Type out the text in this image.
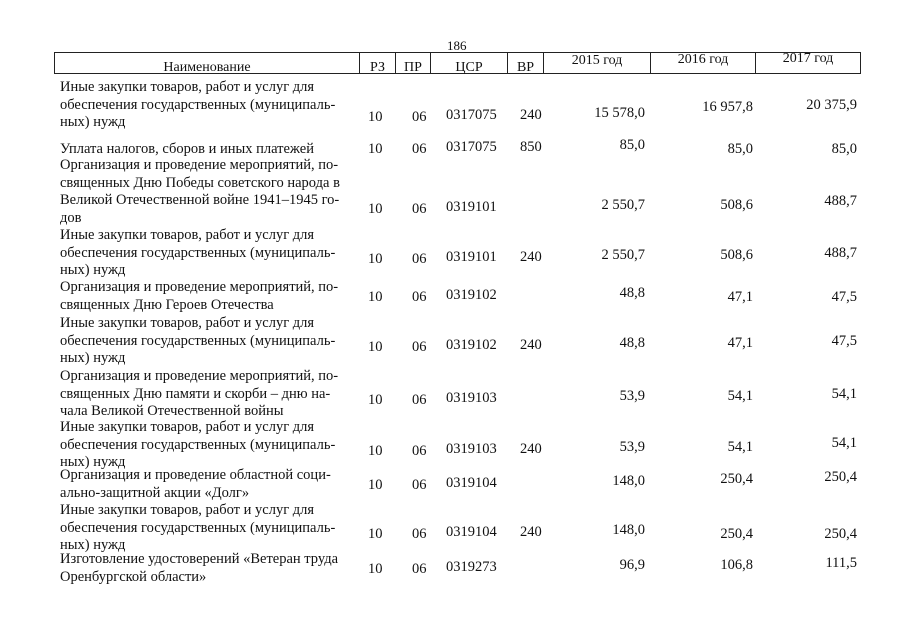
186
Наименование	РЗ	ПР	ЦСР	ВР	2015 год	2016 год	2017 год
Иные закупки товаров, работ и услуг для
обеспечения государственных (муниципаль-
ных) нужд	10 06 0317075 240	15 578,0	16 957,8	20 375,9
Уплата налогов, сборов и иных платежей	10 06 0317075 850	85,0	85,0	85,0
Организация и проведение мероприятий, по-
священных Дню Победы советского народа в
Великой Отечественной войне 1941–1945 го-
дов
10 06 0319101	2 550,7	508,6	488,7
Иные закупки товаров, работ и услуг для
обеспечения государственных (муниципаль-
ных) нужд
10 06 0319101 240	2 550,7	508,6	488,7
Организация и проведение мероприятий, по-
священных Дню Героев Отечества	10 06 0319102	48,8	47,1	47,5
Иные закупки товаров, работ и услуг для
обеспечения государственных (муниципаль-
ных) нужд
10 06 0319102 240	48,8	47,1	47,5
Организация и проведение мероприятий, по-
священных Дню памяти и скорби – дню на-
чала Великой Отечественной войны
10 06 0319103	53,9	54,1	54,1
Иные закупки товаров, работ и услуг для
обеспечения государственных (муниципаль-
ных) нужд
10 06 0319103 240	53,9	54,1	54,1
Организация и проведение областной соци-
ально-защитной акции «Долг»	10 06 0319104	148,0	250,4	250,4
Иные закупки товаров, работ и услуг для
обеспечения государственных (муниципаль-
ных) нужд
10 06 0319104 240	148,0	250,4	250,4
Изготовление удостоверений «Ветеран труда
Оренбургской области»	10 06 0319273	96,9	106,8	111,5
